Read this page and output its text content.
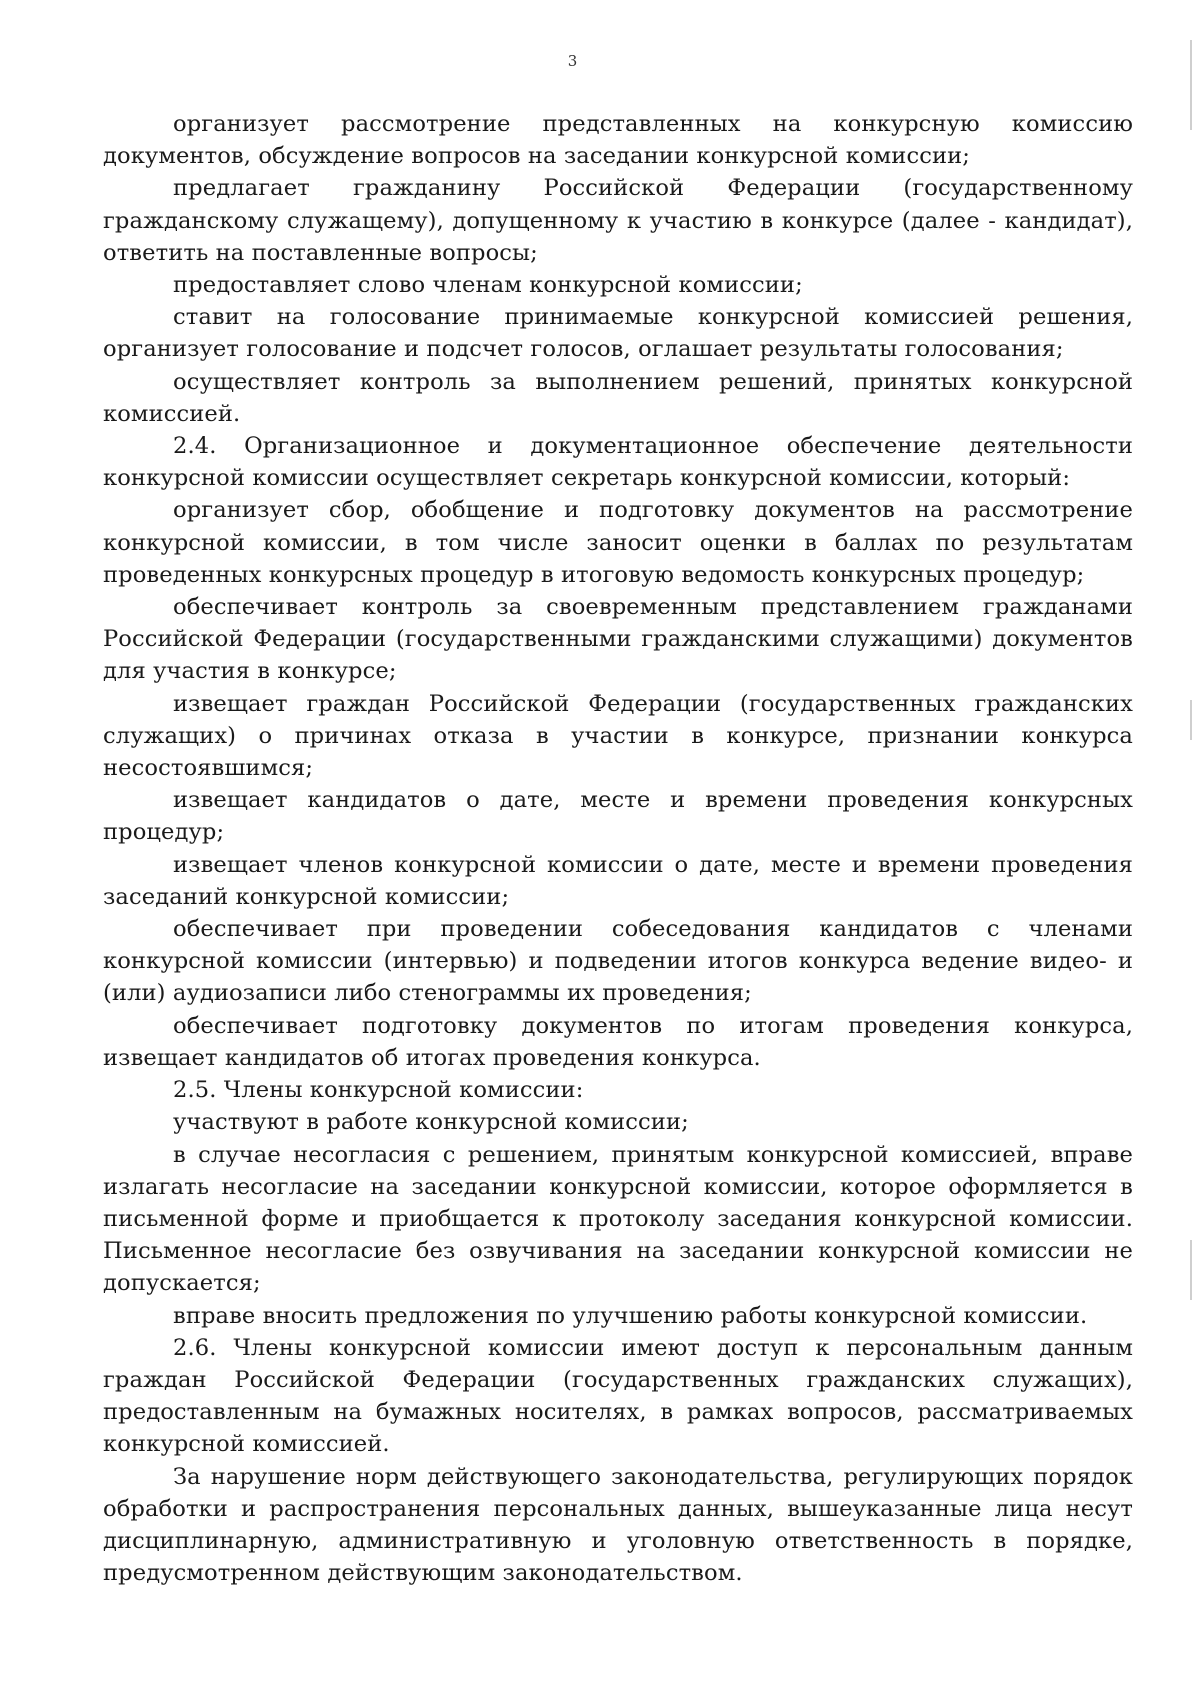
3

организует рассмотрение представленных на конкурсную комиссию документов, обсуждение вопросов на заседании конкурсной комиссии;

предлагает гражданину Российской Федерации (государственному гражданскому служащему), допущенному к участию в конкурсе (далее - кандидат), ответить на поставленные вопросы;

предоставляет слово членам конкурсной комиссии;

ставит на голосование принимаемые конкурсной комиссией решения, организует голосование и подсчет голосов, оглашает результаты голосования;

осуществляет контроль за выполнением решений, принятых конкурсной комиссией.

2.4. Организационное и документационное обеспечение деятельности конкурсной комиссии осуществляет секретарь конкурсной комиссии, который:

организует сбор, обобщение и подготовку документов на рассмотрение конкурсной комиссии, в том числе заносит оценки в баллах по результатам проведенных конкурсных процедур в итоговую ведомость конкурсных процедур;

обеспечивает контроль за своевременным представлением гражданами Российской Федерации (государственными гражданскими служащими) документов для участия в конкурсе;

извещает граждан Российской Федерации (государственных гражданских служащих) о причинах отказа в участии в конкурсе, признании конкурса несостоявшимся;

извещает кандидатов о дате, месте и времени проведения конкурсных процедур;

извещает членов конкурсной комиссии о дате, месте и времени проведения заседаний конкурсной комиссии;

обеспечивает при проведении собеседования кандидатов с членами конкурсной комиссии (интервью) и подведении итогов конкурса ведение видео- и (или) аудиозаписи либо стенограммы их проведения;

обеспечивает подготовку документов по итогам проведения конкурса, извещает кандидатов об итогах проведения конкурса.

2.5. Члены конкурсной комиссии:

участвуют в работе конкурсной комиссии;

в случае несогласия с решением, принятым конкурсной комиссией, вправе излагать несогласие на заседании конкурсной комиссии, которое оформляется в письменной форме и приобщается к протоколу заседания конкурсной комиссии. Письменное несогласие без озвучивания на заседании конкурсной комиссии не допускается;

вправе вносить предложения по улучшению работы конкурсной комиссии.

2.6. Члены конкурсной комиссии имеют доступ к персональным данным граждан Российской Федерации (государственных гражданских служащих), предоставленным на бумажных носителях, в рамках вопросов, рассматриваемых конкурсной комиссией.

За нарушение норм действующего законодательства, регулирующих порядок обработки и распространения персональных данных, вышеуказанные лица несут дисциплинарную, административную и уголовную ответственность в порядке, предусмотренном действующим законодательством.
